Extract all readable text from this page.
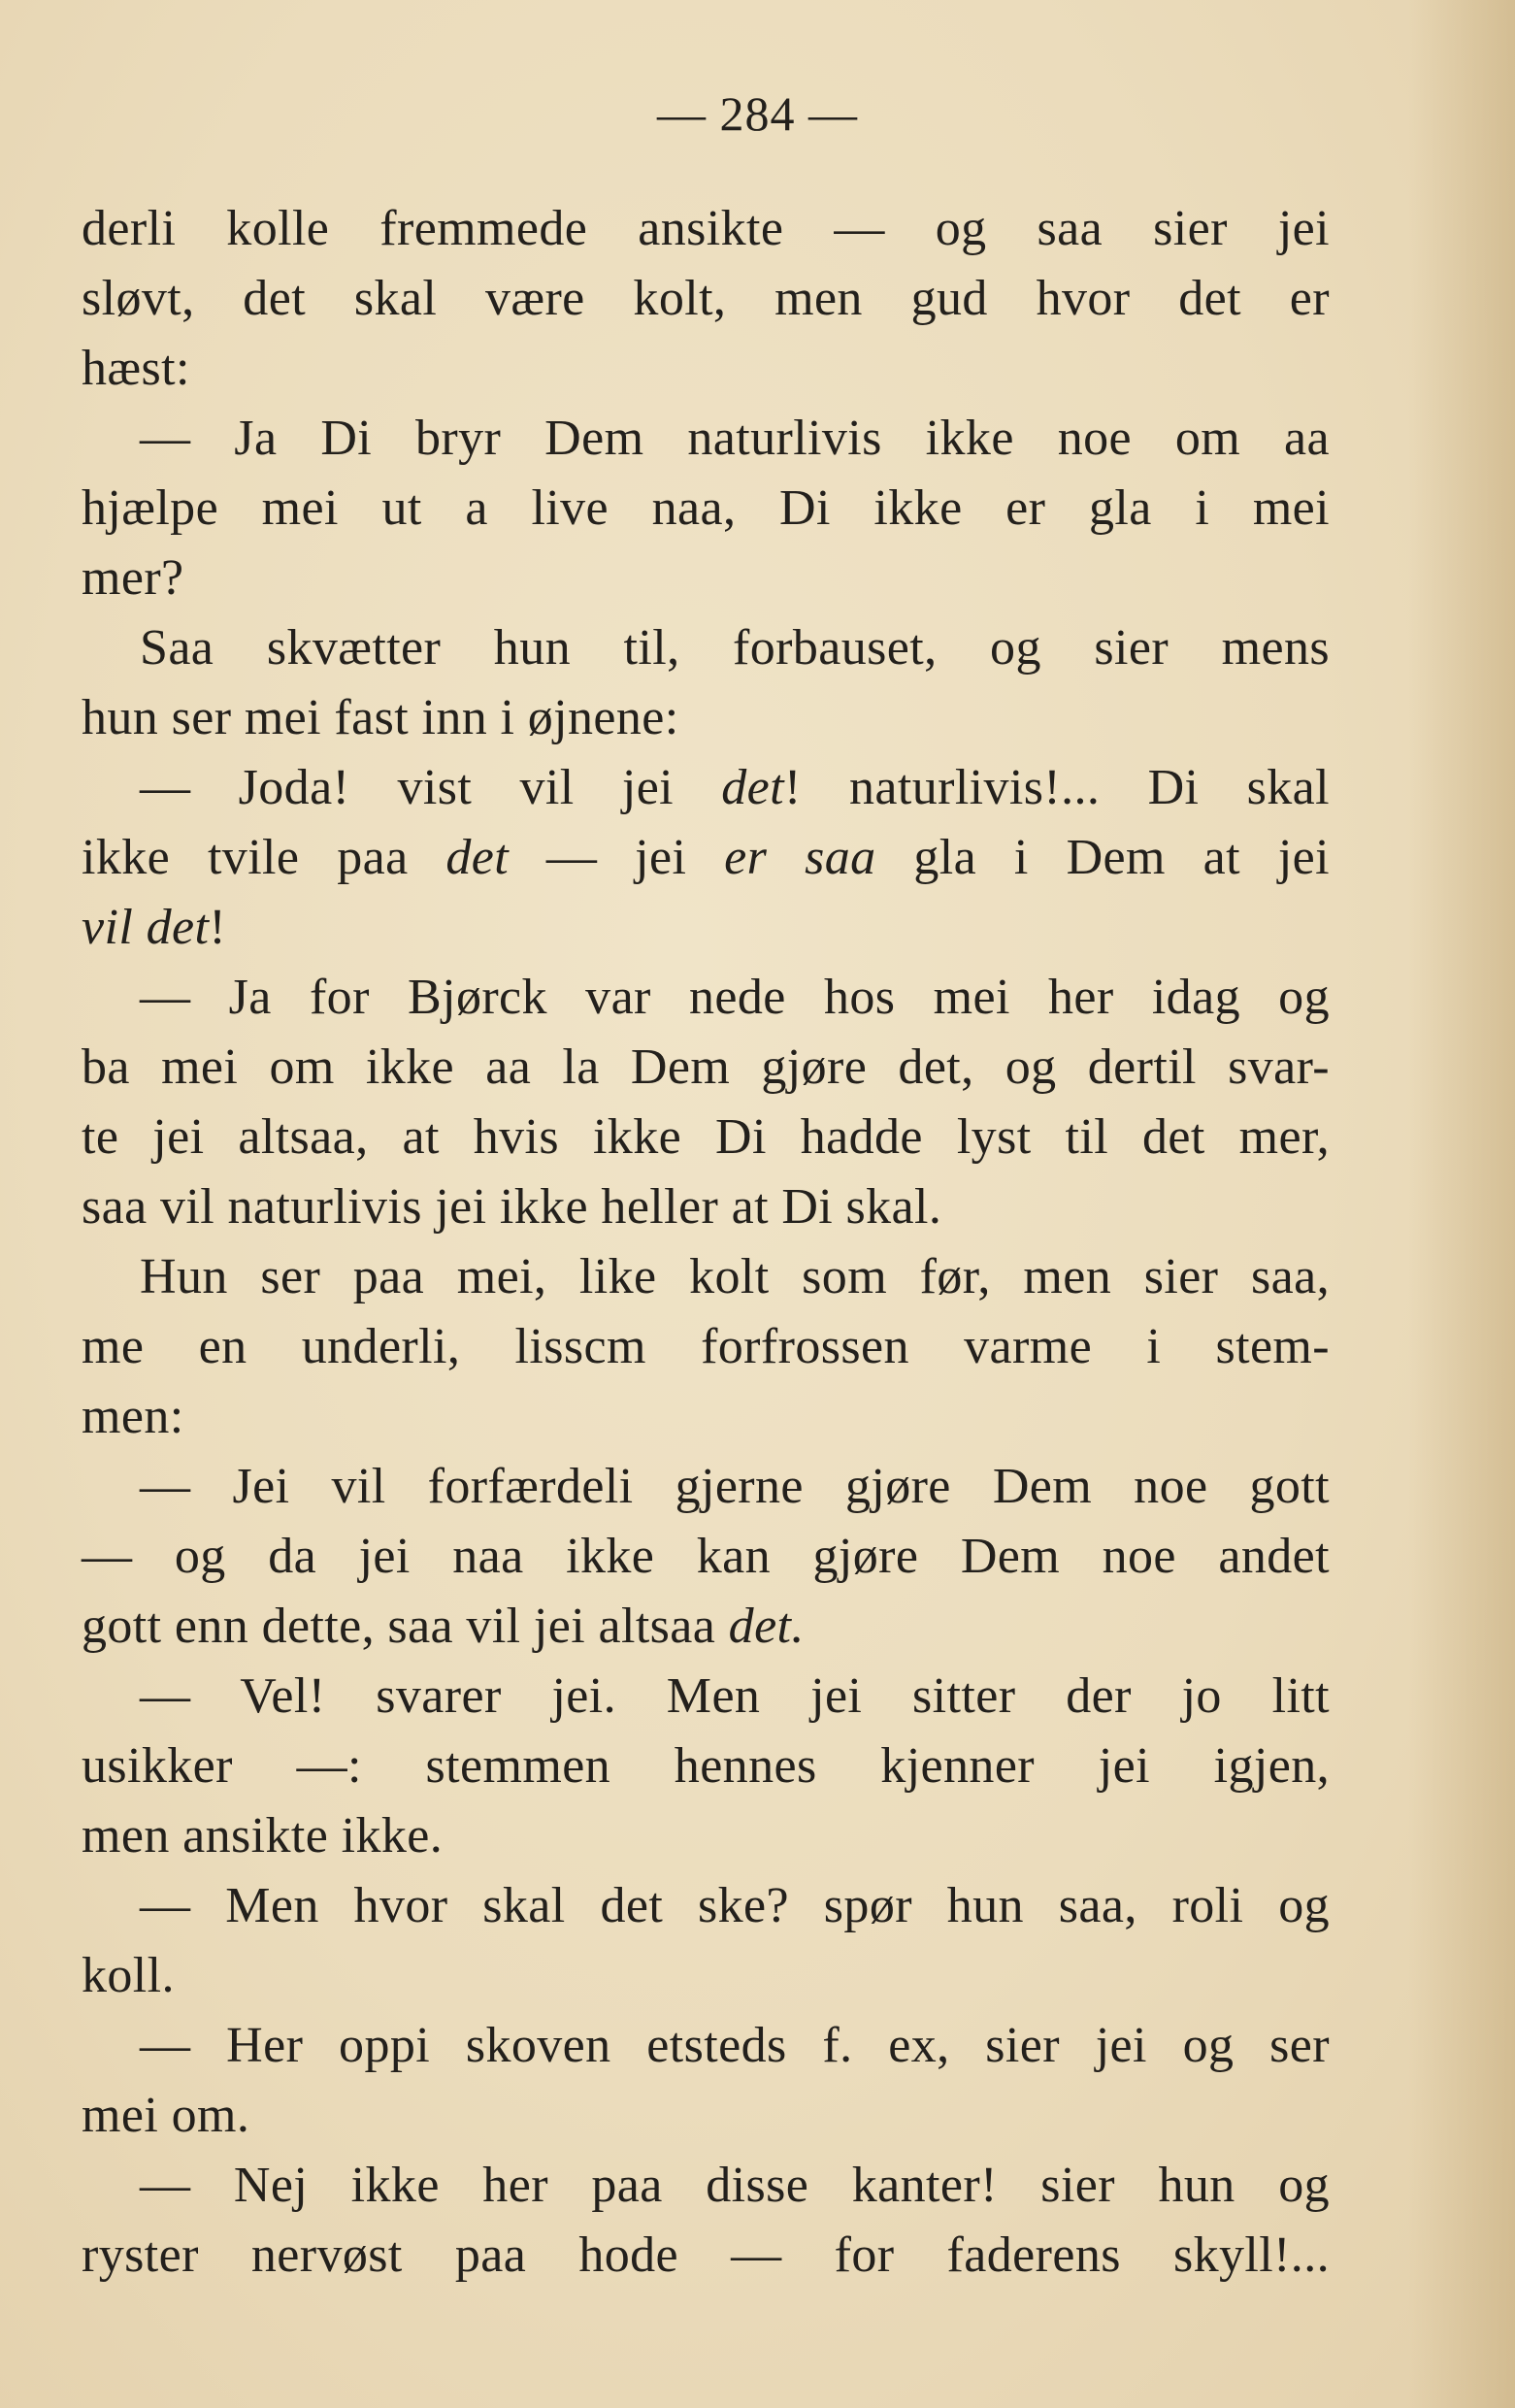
— 284 —
derli kolle fremmede ansikte — og saa sier jei
sløvt, det skal være kolt, men gud hvor det er
hæst:
— Ja Di bryr Dem naturlivis ikke noe om aa
hjælpe mei ut a live naa, Di ikke er gla i mei
mer?
Saa skvætter hun til, forbauset, og sier mens
hun ser mei fast inn i øjnene:
— Joda! vist vil jei det! naturlivis!... Di skal
ikke tvile paa det — jei er saa gla i Dem at jei
vil det!
— Ja for Bjørck var nede hos mei her idag og
ba mei om ikke aa la Dem gjøre det, og dertil svar-
te jei altsaa, at hvis ikke Di hadde lyst til det mer,
saa vil naturlivis jei ikke heller at Di skal.
Hun ser paa mei, like kolt som før, men sier saa,
me en underli, lisscm forfrossen varme i stem-
men:
— Jei vil forfærdeli gjerne gjøre Dem noe gott
— og da jei naa ikke kan gjøre Dem noe andet
gott enn dette, saa vil jei altsaa det.
— Vel! svarer jei. Men jei sitter der jo litt
usikker —: stemmen hennes kjenner jei igjen,
men ansikte ikke.
— Men hvor skal det ske? spør hun saa, roli og
koll.
— Her oppi skoven etsteds f. ex, sier jei og ser
mei om.
— Nej ikke her paa disse kanter! sier hun og
ryster nervøst paa hode — for faderens skyll!...
